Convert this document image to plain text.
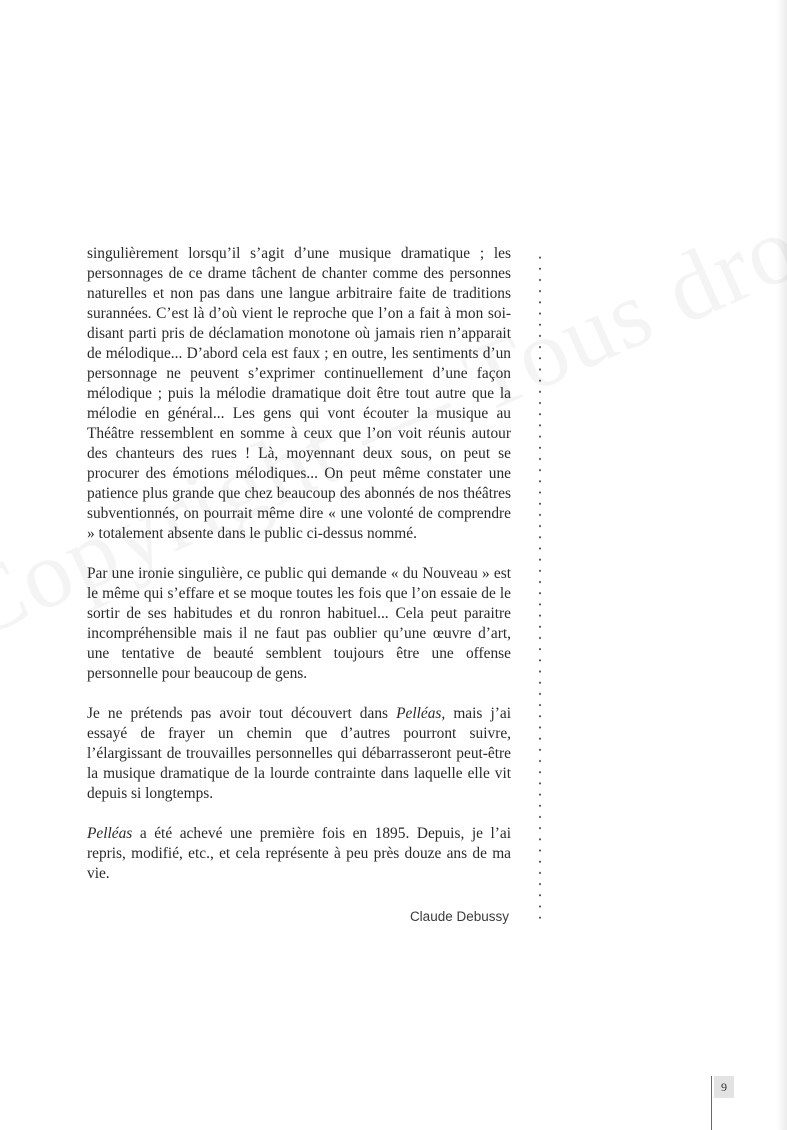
singulièrement lorsqu’il s’agit d’une musique dramatique ; les personnages de ce drame tâchent de chanter comme des personnes naturelles et non pas dans une langue arbitraire faite de traditions surannées. C’est là d’où vient le reproche que l’on a fait à mon soi-disant parti pris de déclamation monotone où jamais rien n’apparait de mélodique... D’abord cela est faux ; en outre, les sentiments d’un personnage ne peuvent s’exprimer continuellement d’une façon mélodique ; puis la mélodie dramatique doit être tout autre que la mélodie en général... Les gens qui vont écouter la musique au Théâtre ressemblent en somme à ceux que l’on voit réunis autour des chanteurs des rues ! Là, moyennant deux sous, on peut se procurer des émotions mélodiques... On peut même constater une patience plus grande que chez beaucoup des abonnés de nos théâtres subventionnés, on pourrait même dire « une volonté de comprendre » totalement absente dans le public ci-dessus nommé.

Par une ironie singulière, ce public qui demande « du Nouveau » est le même qui s’effare et se moque toutes les fois que l’on essaie de le sortir de ses habitudes et du ronron habituel... Cela peut paraitre incompréhensible mais il ne faut pas oublier qu’une œuvre d’art, une tentative de beauté semblent toujours être une offense personnelle pour beaucoup de gens.

Je ne prétends pas avoir tout découvert dans Pelléas, mais j’ai essayé de frayer un chemin que d’autres pourront suivre, l’élargissant de trouvailles personnelles qui débarrasseront peut-être la musique dramatique de la lourde contrainte dans laquelle elle vit depuis si longtemps.

Pelléas a été achevé une première fois en 1895. Depuis, je l’ai repris, modifié, etc., et cela représente à peu près douze ans de ma vie.

Claude Debussy
9
